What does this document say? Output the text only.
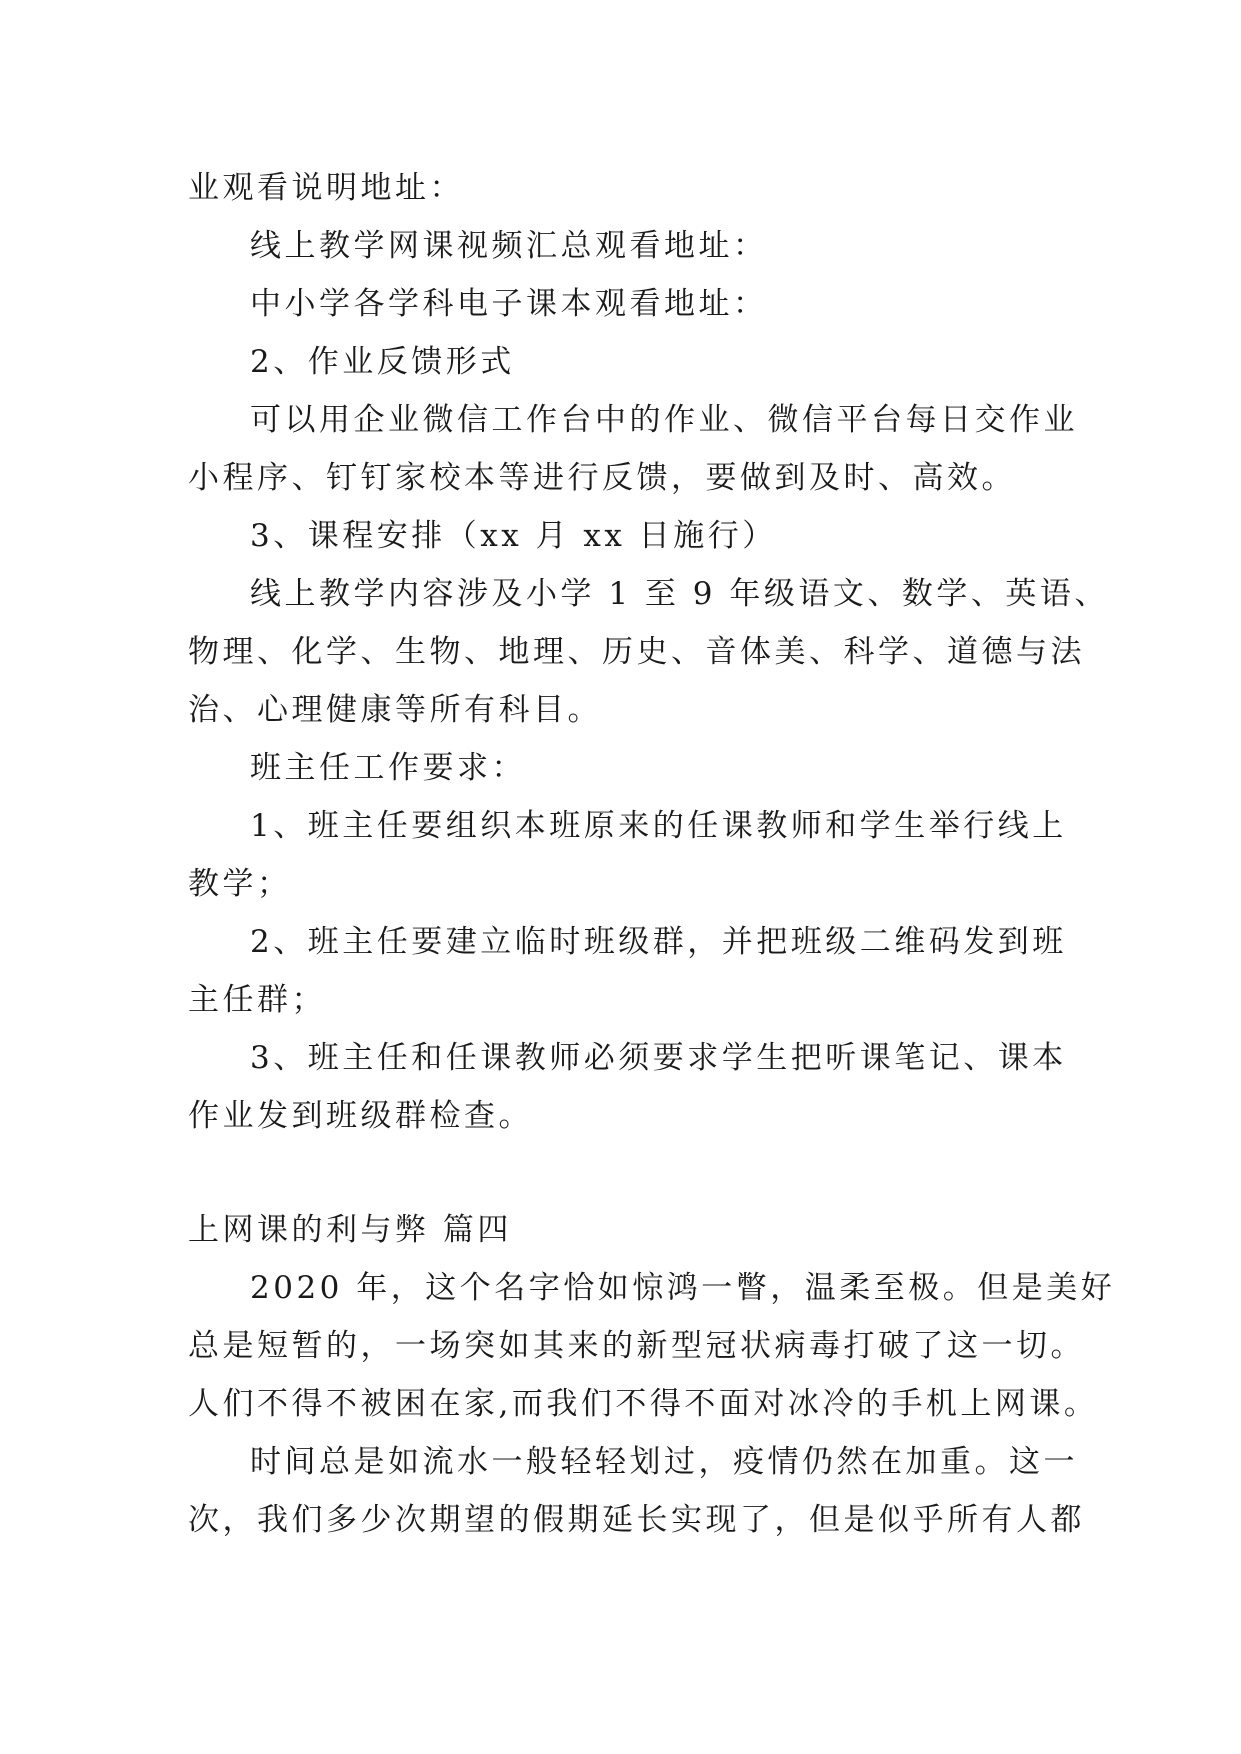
业观看说明地址：
线上教学网课视频汇总观看地址：
中小学各学科电子课本观看地址：
2、作业反馈形式
可以用企业微信工作台中的作业、微信平台每日交作业
小程序、钉钉家校本等进行反馈，要做到及时、高效。
3、课程安排（xx 月 xx 日施行）
线上教学内容涉及小学 1 至 9 年级语文、数学、英语、
物理、化学、生物、地理、历史、音体美、科学、道德与法
治、心理健康等所有科目。
班主任工作要求：
1、班主任要组织本班原来的任课教师和学生举行线上
教学；
2、班主任要建立临时班级群，并把班级二维码发到班
主任群；
3、班主任和任课教师必须要求学生把听课笔记、课本
作业发到班级群检查。
上网课的利与弊 篇四
2020 年，这个名字恰如惊鸿一瞥，温柔至极。但是美好
总是短暂的，一场突如其来的新型冠状病毒打破了这一切。
人们不得不被困在家,而我们不得不面对冰冷的手机上网课。
时间总是如流水一般轻轻划过，疫情仍然在加重。这一
次，我们多少次期望的假期延长实现了，但是似乎所有人都
